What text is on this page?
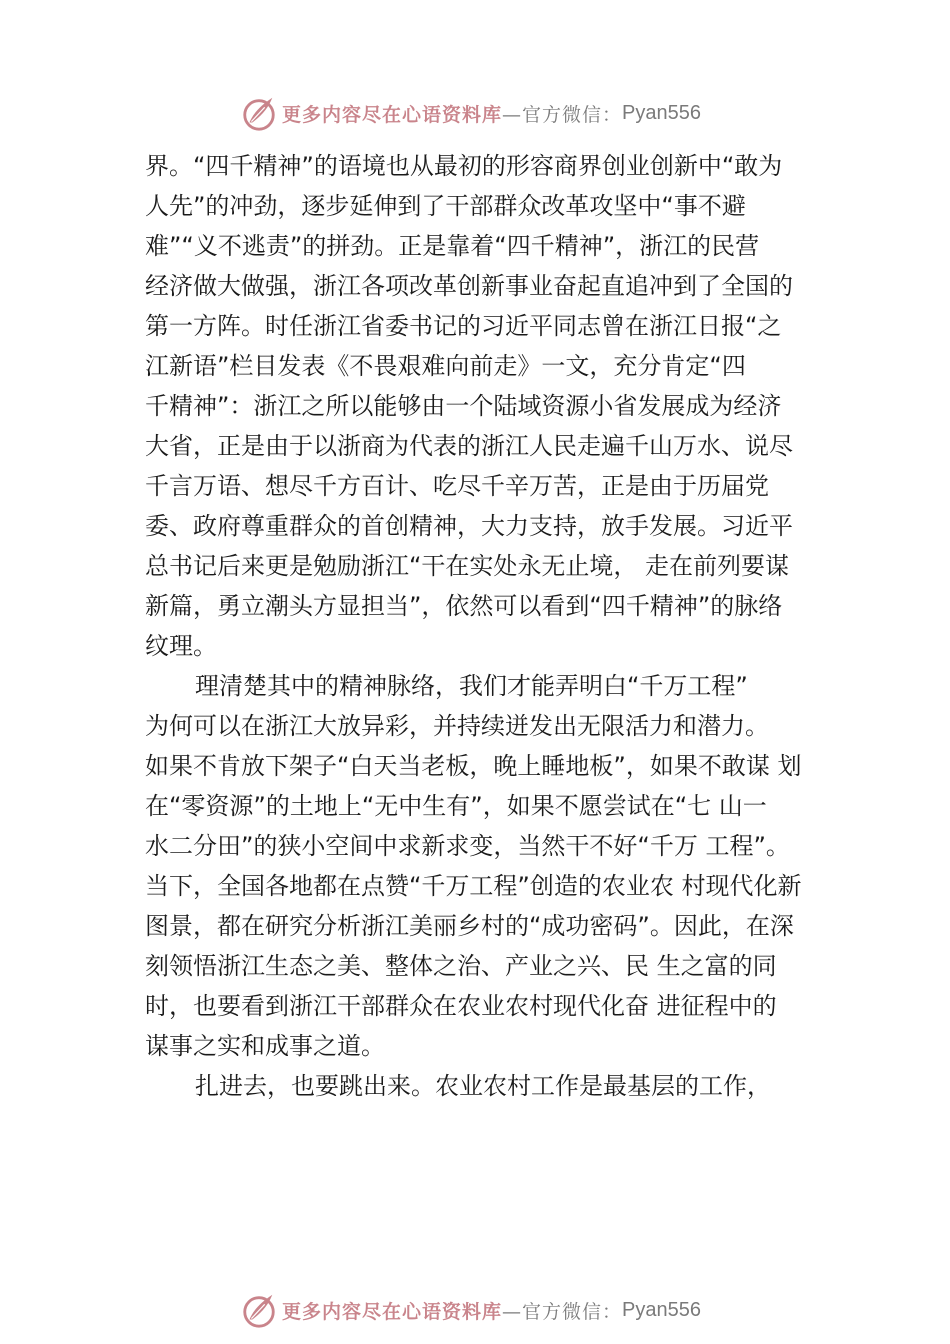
更多内容尽在心语资料库 —官方微信： Pyan556

界。“四千精神”的语境也从最初的形容商界创业创新中“敢为

人先”的冲劲，逐步延伸到了干部群众改革攻坚中“事不避

难”“义不逃责”的拼劲。正是靠着“四千精神”，浙江的民营

经济做大做强，浙江各项改革创新事业奋起直追冲到了全国的

第一方阵。时任浙江省委书记的习近平同志曾在浙江日报“之

江新语”栏目发表《不畏艰难向前走》一文，充分肯定“四

千精神”：浙江之所以能够由一个陆域资源小省发展成为经济

大省，正是由于以浙商为代表的浙江人民走遍千山万水、说尽

千言万语、想尽千方百计、吃尽千辛万苦，正是由于历届党

委、政府尊重群众的首创精神，大力支持，放手发展。习近平

总书记后来更是勉励浙江“干在实处永无止境， 走在前列要谋

新篇，勇立潮头方显担当”，依然可以看到“四千精神”的脉络

纹理。

理清楚其中的精神脉络，我们才能弄明白“千万工程”

为何可以在浙江大放异彩，并持续迸发出无限活力和潜力。

如果不肯放下架子“白天当老板，晚上睡地板”，如果不敢谋 划

在“零资源”的土地上“无中生有”，如果不愿尝试在“七 山一

水二分田”的狭小空间中求新求变，当然干不好“千万 工程”。

当下，全国各地都在点赞“千万工程”创造的农业农 村现代化新

图景，都在研究分析浙江美丽乡村的“成功密码”。因此，在深

刻领悟浙江生态之美、整体之治、产业之兴、民 生之富的同

时，也要看到浙江干部群众在农业农村现代化奋 进征程中的

谋事之实和成事之道。

扎进去，也要跳出来。农业农村工作是最基层的工作，

更多内容尽在心语资料库 —官方微信： Pyan556
